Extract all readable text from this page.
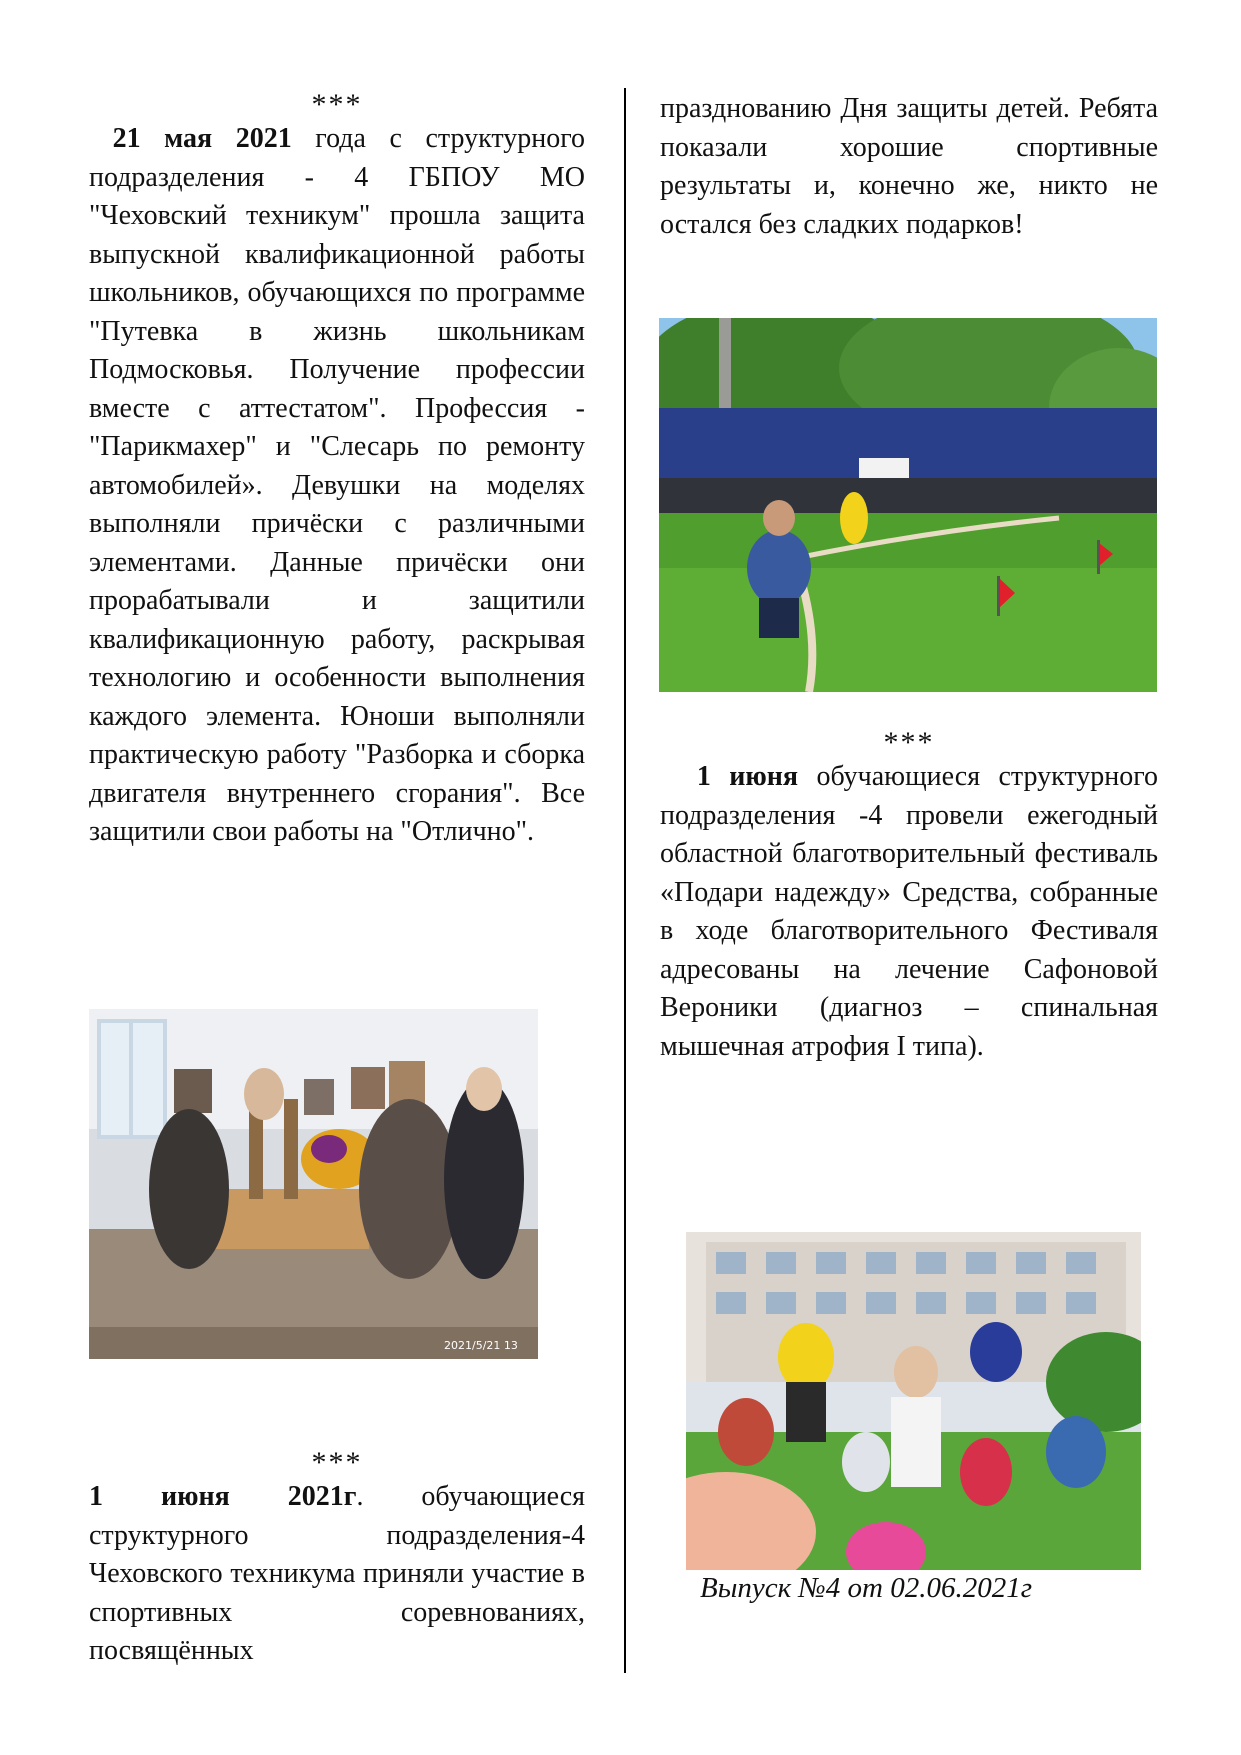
***

21 мая 2021 года с структурного подразделения - 4 ГБПОУ МО "Чеховский техникум" прошла защита выпускной квалификационной работы школьников, обучающихся по программе "Путевка в жизнь школьникам Подмосковья. Получение профессии вместе с аттестатом". Профессия - "Парикмахер" и "Слесарь по ремонту автомобилей». Девушки на моделях выполняли причёски с различными элементами. Данные причёски они прорабатывали и защитили квалификационную работу, раскрывая технологию и особенности выполнения каждого элемента. Юноши выполняли практическую работу "Разборка и сборка двигателя внутреннего сгорания". Все защитили свои работы на "Отлично".

2021/5/21 13

***

1 июня 2021г. обучающиеся структурного подразделения-4 Чеховского техникума приняли участие в спортивных соревнованиях, посвящённых

празднованию Дня защиты детей. Ребята показали хорошие спортивные результаты и, конечно же, никто не остался без сладких подарков!

***

1 июня обучающиеся структурного подразделения -4 провели ежегодный областной благотворительный фестиваль «Подари надежду» Средства, собранные в ходе благотворительного Фестиваля адресованы на лечение Сафоновой Вероники (диагноз – спинальная мышечная атрофия I типа).

Выпуск №4 от 02.06.2021г
